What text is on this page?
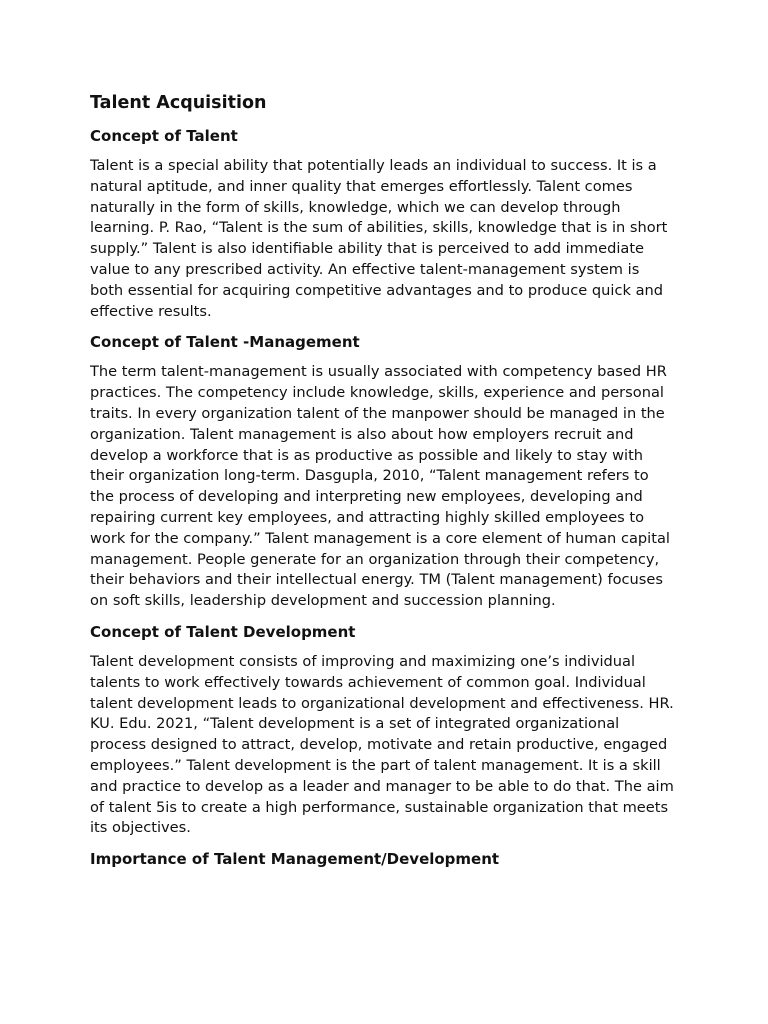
Talent Acquisition
Concept of Talent

Talent is a special ability that potentially leads an individual to success. It is a natural aptitude, and inner quality that emerges effortlessly. Talent comes naturally in the form of skills, knowledge, which we can develop through learning. P. Rao, “Talent is the sum of abilities, skills, knowledge that is in short supply.” Talent is also identifiable ability that is perceived to add immediate value to any prescribed activity. An effective talent-management system is both essential for acquiring competitive advantages and to produce quick and effective results.

Concept of Talent -Management

The term talent-management is usually associated with competency based HR practices. The competency include knowledge, skills, experience and personal traits. In every organization talent of the manpower should be managed in the organization. Talent management is also about how employers recruit and develop a workforce that is as productive as possible and likely to stay with their organization long-term. Dasgupla, 2010, “Talent management refers to the process of developing and interpreting new employees, developing and repairing current key employees, and attracting highly skilled employees to work for the company.” Talent management is a core element of human capital management. People generate for an organization through their competency, their behaviors and their intellectual energy. TM (Talent management) focuses on soft skills, leadership development and succession planning.

Concept of Talent Development

Talent development consists of improving and maximizing one’s individual talents to work effectively towards achievement of common goal. Individual talent development leads to organizational development and effectiveness. HR. KU. Edu. 2021, “Talent development is a set of integrated organizational process designed to attract, develop, motivate and retain productive, engaged employees.” Talent development is the part of talent management. It is a skill and practice to develop as a leader and manager to be able to do that. The aim of talent 5is to create a high performance, sustainable organization that meets its objectives.

Importance of Talent Management/Development
